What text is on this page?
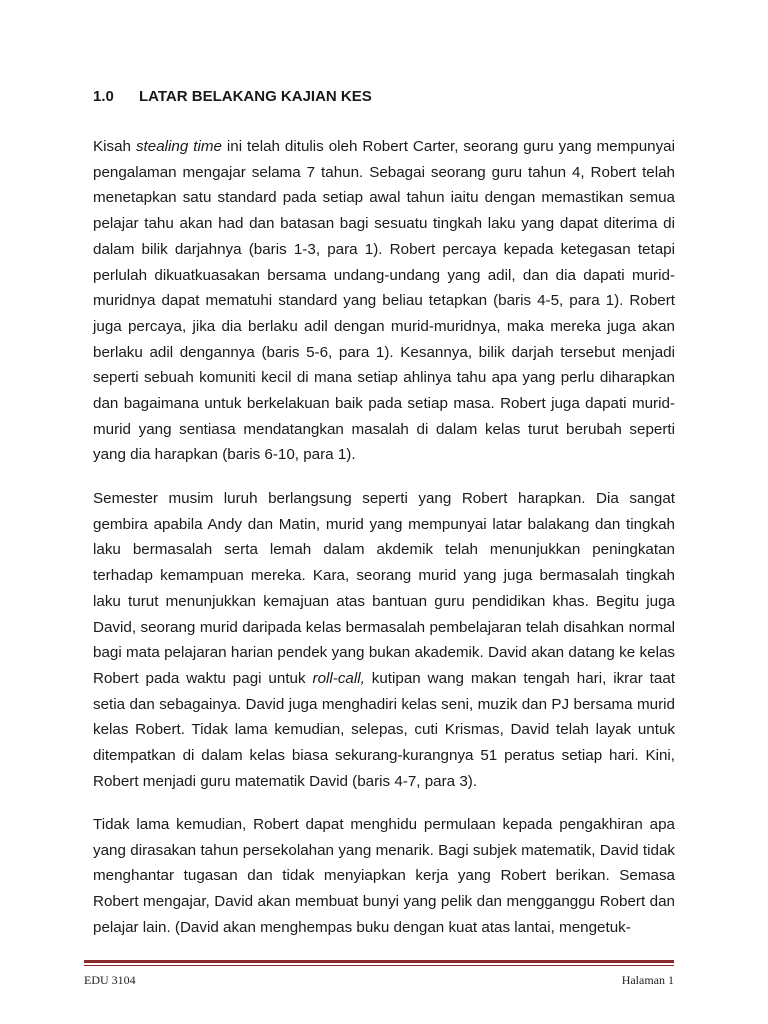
1.0 LATAR BELAKANG KAJIAN KES

Kisah stealing time ini telah ditulis oleh Robert Carter, seorang guru yang mempunyai pengalaman mengajar selama 7 tahun. Sebagai seorang guru tahun 4, Robert telah menetapkan satu standard pada setiap awal tahun iaitu dengan memastikan semua pelajar tahu akan had dan batasan bagi sesuatu tingkah laku yang dapat diterima di dalam bilik darjahnya (baris 1-3, para 1). Robert percaya kepada ketegasan tetapi perlulah dikuatkuasakan bersama undang-undang yang adil, dan dia dapati murid-muridnya dapat mematuhi standard yang beliau tetapkan (baris 4-5, para 1). Robert juga percaya, jika dia berlaku adil dengan murid-muridnya, maka mereka juga akan berlaku adil dengannya (baris 5-6, para 1). Kesannya, bilik darjah tersebut menjadi seperti sebuah komuniti kecil di mana setiap ahlinya tahu apa yang perlu diharapkan dan bagaimana untuk berkelakuan baik pada setiap masa. Robert juga dapati murid-murid yang sentiasa mendatangkan masalah di dalam kelas turut berubah seperti yang dia harapkan (baris 6-10, para 1).

Semester musim luruh berlangsung seperti yang Robert harapkan. Dia sangat gembira apabila Andy dan Matin, murid yang mempunyai latar balakang dan tingkah laku bermasalah serta lemah dalam akdemik telah menunjukkan peningkatan terhadap kemampuan mereka. Kara, seorang murid yang juga bermasalah tingkah laku turut menunjukkan kemajuan atas bantuan guru pendidikan khas. Begitu juga David, seorang murid daripada kelas bermasalah pembelajaran telah disahkan normal bagi mata pelajaran harian pendek yang bukan akademik. David akan datang ke kelas Robert pada waktu pagi untuk roll-call, kutipan wang makan tengah hari, ikrar taat setia dan sebagainya. David juga menghadiri kelas seni, muzik dan PJ bersama murid kelas Robert. Tidak lama kemudian, selepas, cuti Krismas, David telah layak untuk ditempatkan di dalam kelas biasa sekurang-kurangnya 51 peratus setiap hari. Kini, Robert menjadi guru matematik David (baris 4-7, para 3).

Tidak lama kemudian, Robert dapat menghidu permulaan kepada pengakhiran apa yang dirasakan tahun persekolahan yang menarik. Bagi subjek matematik, David tidak menghantar tugasan dan tidak menyiapkan kerja yang Robert berikan. Semasa Robert mengajar, David akan membuat bunyi yang pelik dan mengganggu Robert dan pelajar lain. (David akan menghempas buku dengan kuat atas lantai, mengetuk-

EDU 3104	Halaman 1
